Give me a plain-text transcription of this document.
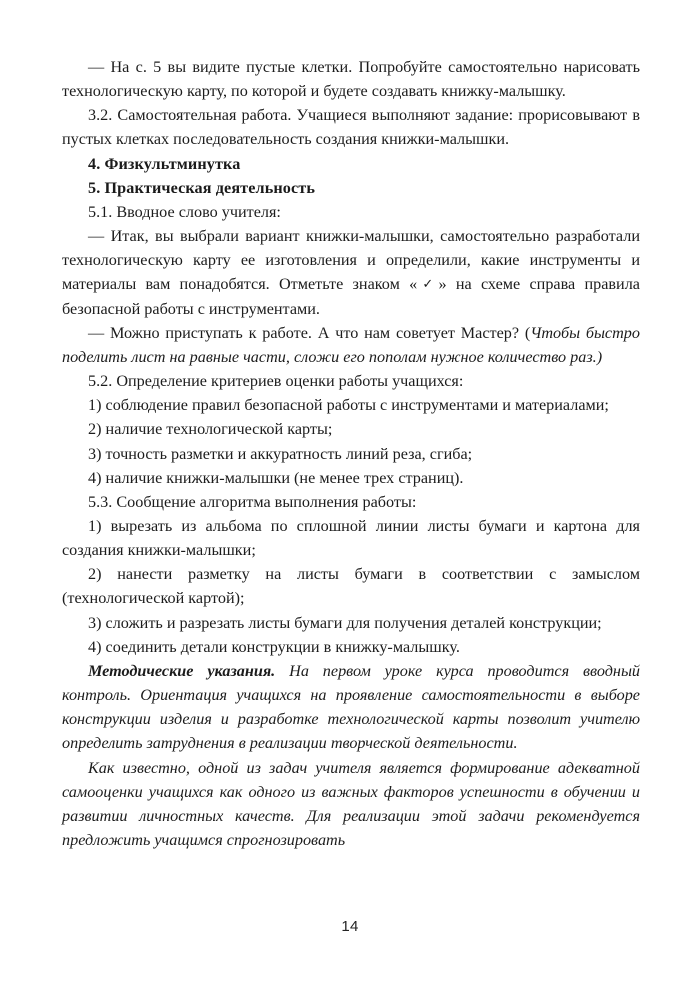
— На с. 5 вы видите пустые клетки. Попробуйте самостоятельно нарисовать технологическую карту, по которой и будете создавать книжку-малышку.

3.2. Самостоятельная работа. Учащиеся выполняют задание: прорисовывают в пустых клетках последовательность создания книжки-малышки.

4. Физкультминутка

5. Практическая деятельность

5.1. Вводное слово учителя:

— Итак, вы выбрали вариант книжки-малышки, самостоятельно разработали технологическую карту ее изготовления и определили, какие инструменты и материалы вам понадобятся. Отметьте знаком «✓» на схеме справа правила безопасной работы с инструментами.

— Можно приступать к работе. А что нам советует Мастер? (Чтобы быстро поделить лист на равные части, сложи его пополам нужное количество раз.)

5.2. Определение критериев оценки работы учащихся:

1) соблюдение правил безопасной работы с инструментами и материалами;

2) наличие технологической карты;

3) точность разметки и аккуратность линий реза, сгиба;

4) наличие книжки-малышки (не менее трех страниц).

5.3. Сообщение алгоритма выполнения работы:

1) вырезать из альбома по сплошной линии листы бумаги и картона для создания книжки-малышки;

2) нанести разметку на листы бумаги в соответствии с замыслом (технологической картой);

3) сложить и разрезать листы бумаги для получения деталей конструкции;

4) соединить детали конструкции в книжку-малышку.

Методические указания. На первом уроке курса проводится вводный контроль. Ориентация учащихся на проявление самостоятельности в выборе конструкции изделия и разработке технологической карты позволит учителю определить затруднения в реализации творческой деятельности.

Как известно, одной из задач учителя является формирование адекватной самооценки учащихся как одного из важных факторов успешности в обучении и развитии личностных качеств. Для реализации этой задачи рекомендуется предложить учащимся спрогнозировать

14
